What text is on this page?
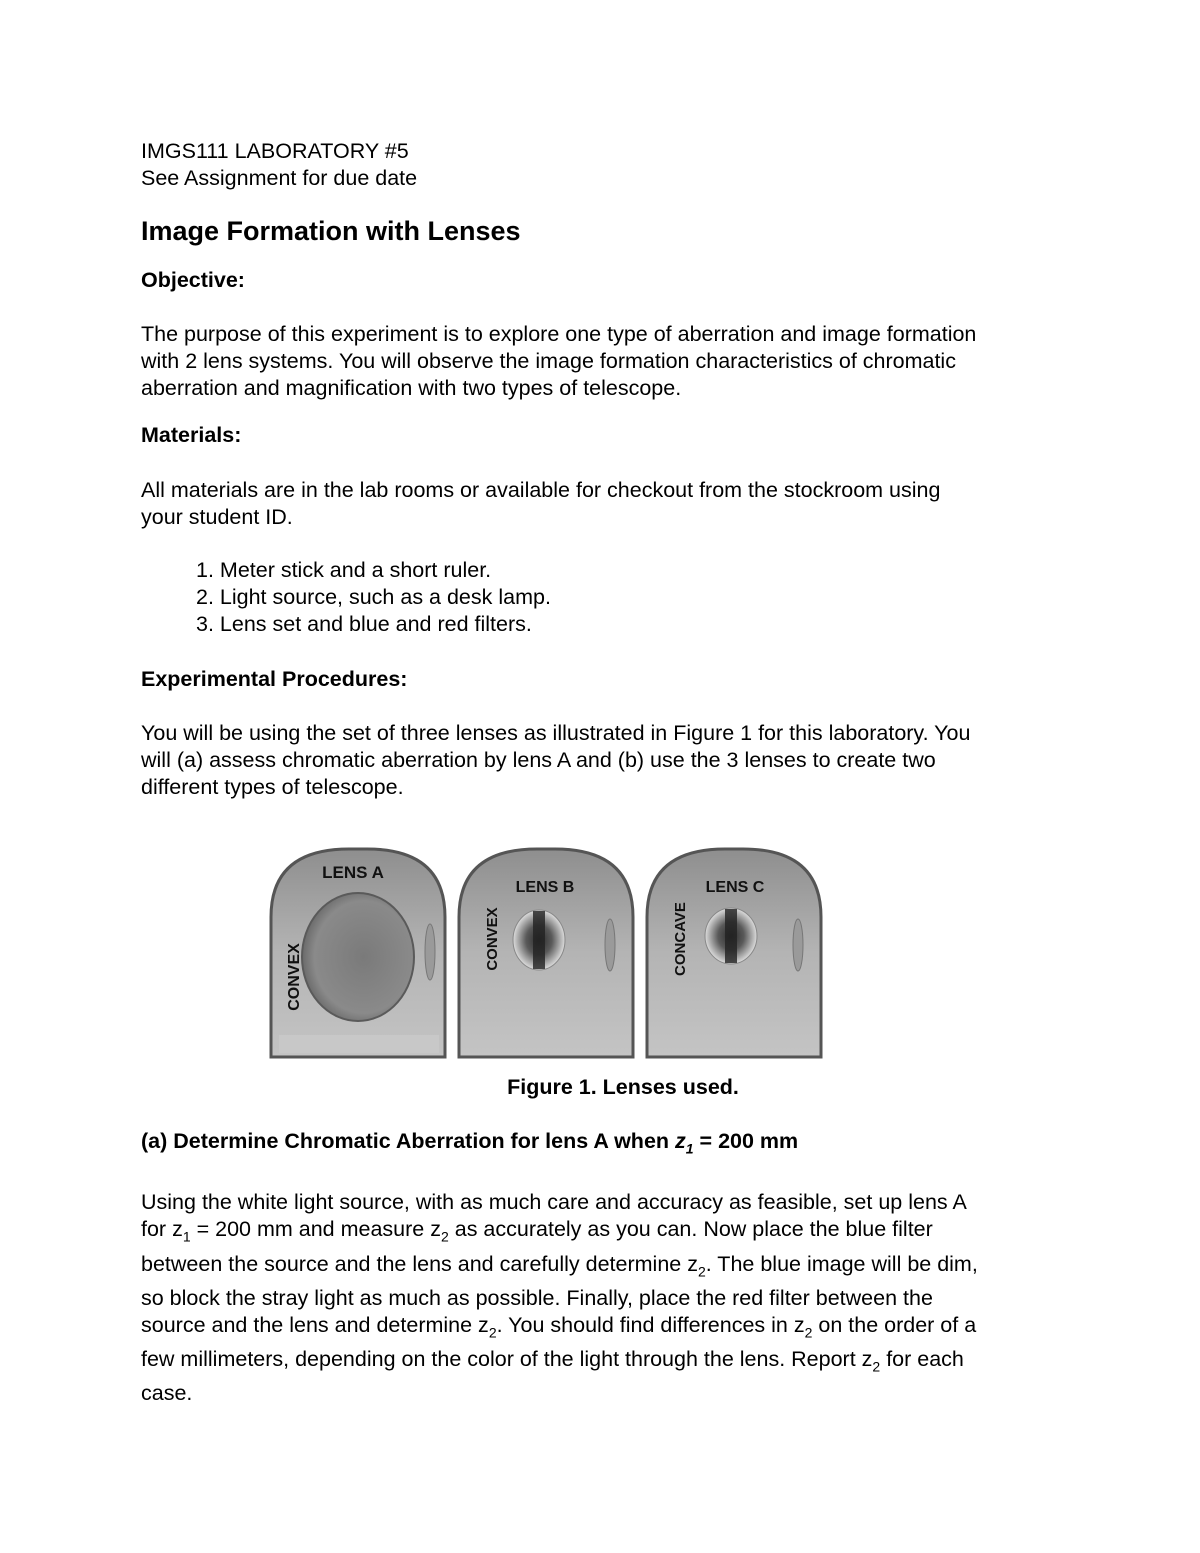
IMGS111 LABORATORY #5

See Assignment for due date

Image Formation with Lenses

Objective:

The purpose of this experiment is to explore one type of aberration and image formation

with 2 lens systems. You will observe the image formation characteristics of chromatic

aberration and magnification with two types of telescope.

Materials:

All materials are in the lab rooms or available for checkout from the stockroom using

your student ID.

1. Meter stick and a short ruler.
2. Light source, such as a desk lamp.
3. Lens set and blue and red filters.

Experimental Procedures:

You will be using the set of three lenses as illustrated in Figure 1 for this laboratory. You

will (a) assess chromatic aberration by lens A and (b) use the 3 lenses to create two

different types of telescope.

LENS A
CONVEX
LENS B
CONVEX
LENS C
CONCAVE

Figure 1. Lenses used.

(a) Determine Chromatic Aberration for lens A when $z_1 = 200$ mm

Using the white light source, with as much care and accuracy as feasible, set up lens A

for $z_1 = 200$ mm and measure $z_2$ as accurately as you can. Now place the blue filter

between the source and the lens and carefully determine $z_2$. The blue image will be dim,

so block the stray light as much as possible. Finally, place the red filter between the

source and the lens and determine $z_2$. You should find differences in $z_2$ on the order of a

few millimeters, depending on the color of the light through the lens. Report $z_2$ for each

case.
